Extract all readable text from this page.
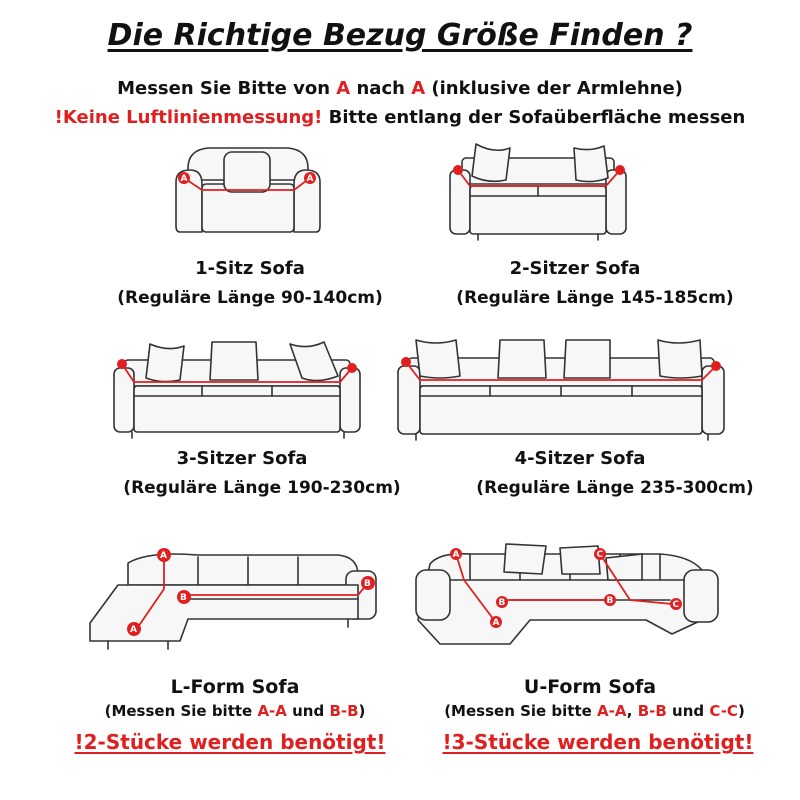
Die Richtige Bezug Größe Finden ?
Messen Sie Bitte von A nach A (inklusive der Armlehne)
!Keine Luftlinienmessung! Bitte entlang der Sofaüberfläche messen
A	A
1-Sitz Sofa
(Reguläre Länge 90-140cm)
2-Sitzer Sofa
(Reguläre Länge 145-185cm)
3-Sitzer Sofa
(Reguläre Länge 190-230cm)
4-Sitzer Sofa
(Reguläre Länge 235-300cm)
A
A
B
B
L-Form Sofa
(Messen Sie bitte A-A und B-B)
!2-Stücke werden benötigt!
A
A
B	B
C
C
U-Form Sofa
(Messen Sie bitte A-A, B-B und C-C)
!3-Stücke werden benötigt!
